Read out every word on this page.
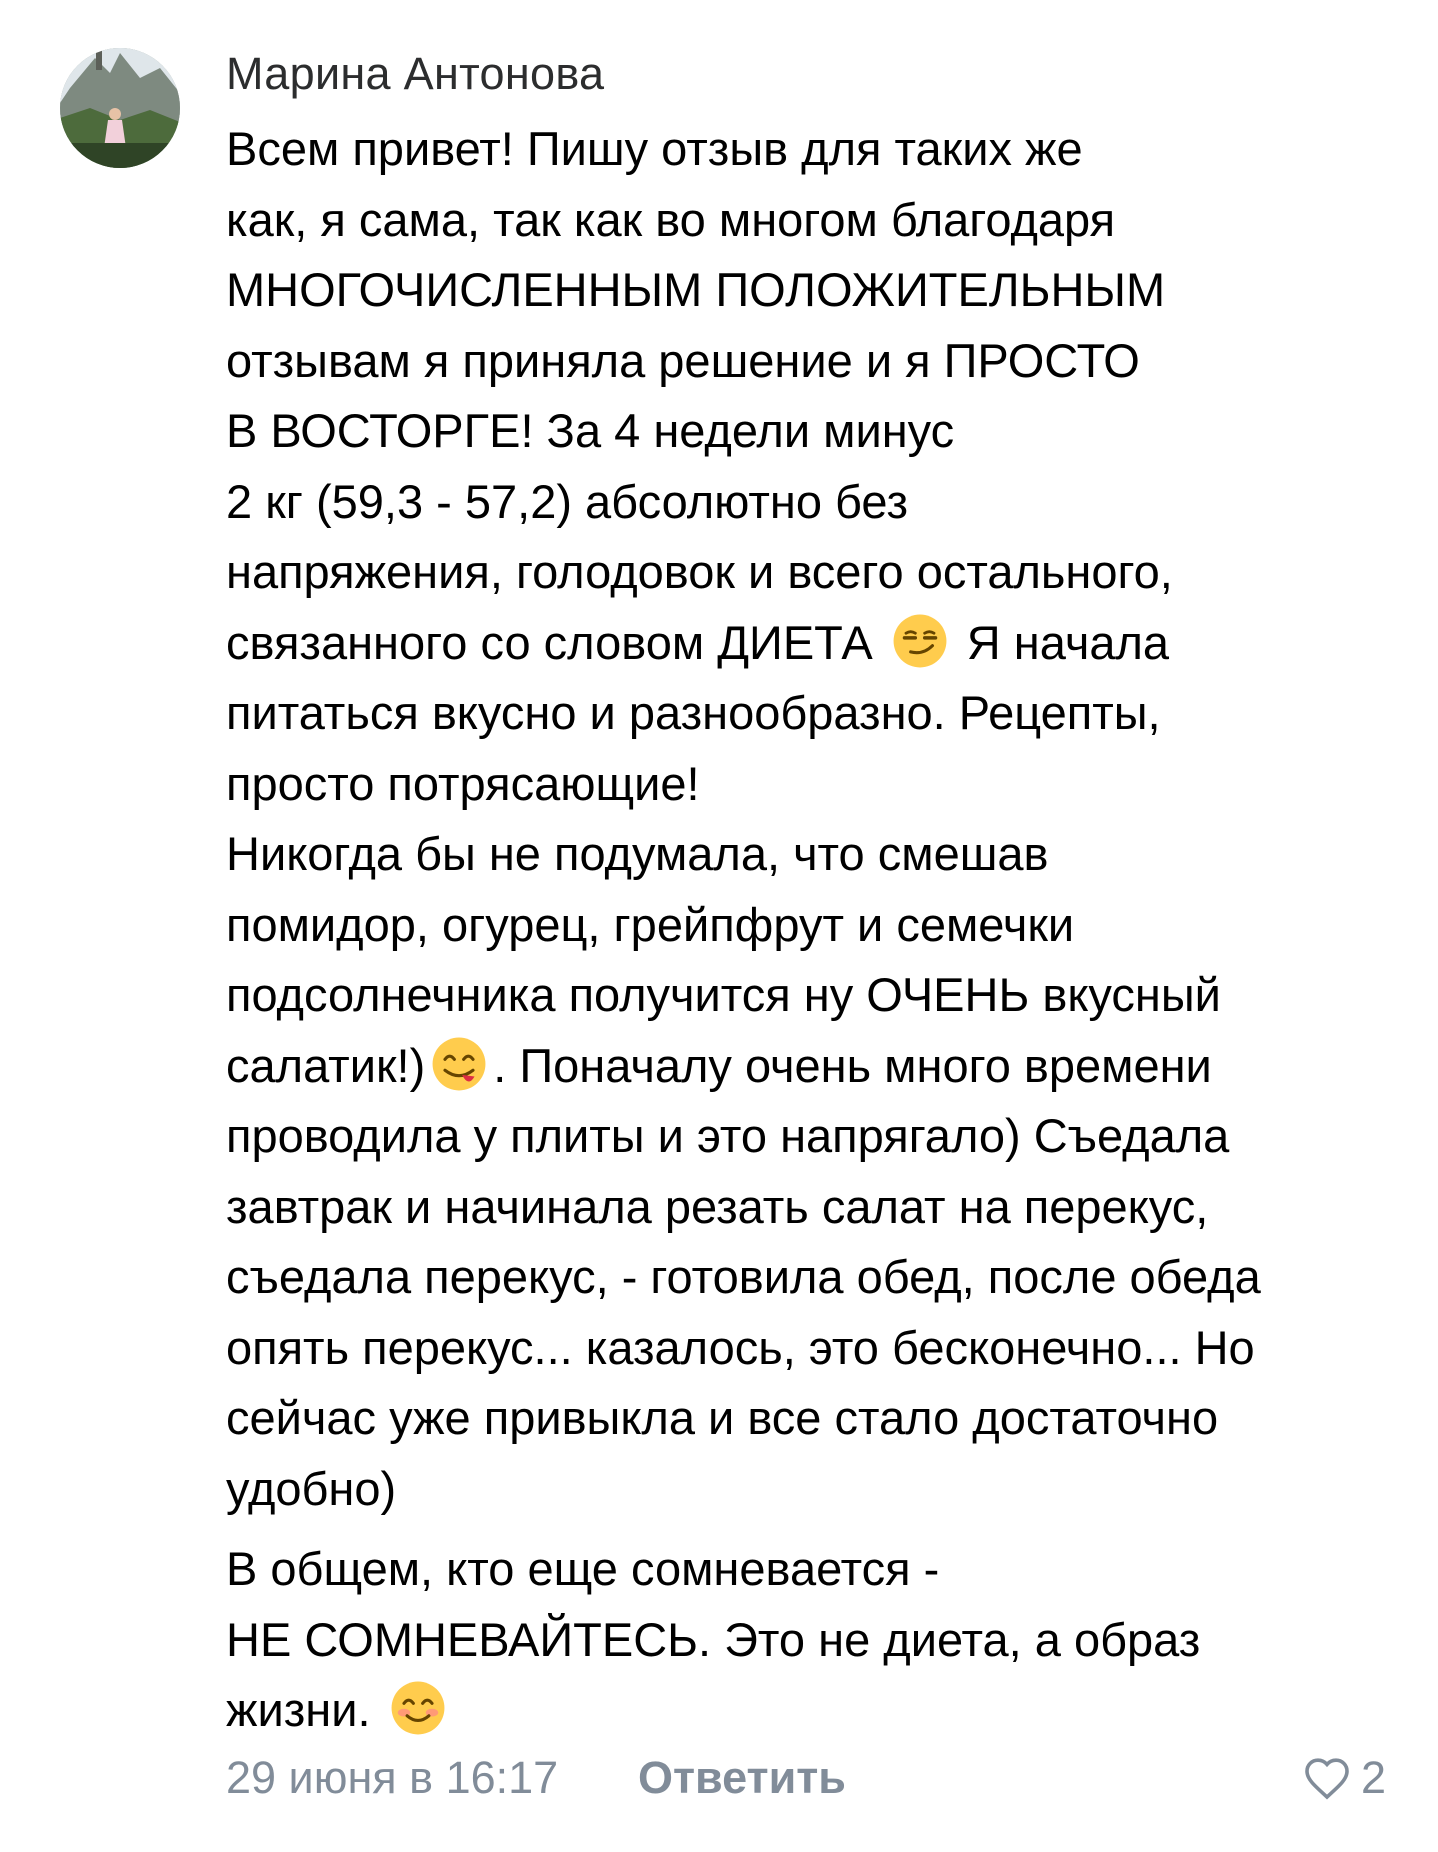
Марина Антонова
Всем привет! Пишу отзыв для таких же
как, я сама, так как во многом благодаря
МНОГОЧИСЛЕННЫМ ПОЛОЖИТЕЛЬНЫМ
отзывам я приняла решение и я ПРОСТО
В ВОСТОРГЕ! За 4 недели минус
2 кг (59,3 - 57,2) абсолютно без
напряжения, голодовок и всего остального,
связанного со словом ДИЕТА Я начала
питаться вкусно и разнообразно. Рецепты,
просто потрясающие!
Никогда бы не подумала, что смешав
помидор, огурец, грейпфрут и семечки
подсолнечника получится ну ОЧЕНЬ вкусный
салатик!) . Поначалу очень много времени
проводила у плиты и это напрягало) Съедала
завтрак и начинала резать салат на перекус,
съедала перекус, - готовила обед, после обеда
опять перекус... казалось, это бесконечно... Но
сейчас уже привыкла и все стало достаточно
удобно)
В общем, кто еще сомневается -
НЕ СОМНЕВАЙТЕСЬ. Это не диета, а образ
жизни.
29 июня в 16:17 Ответить	2
